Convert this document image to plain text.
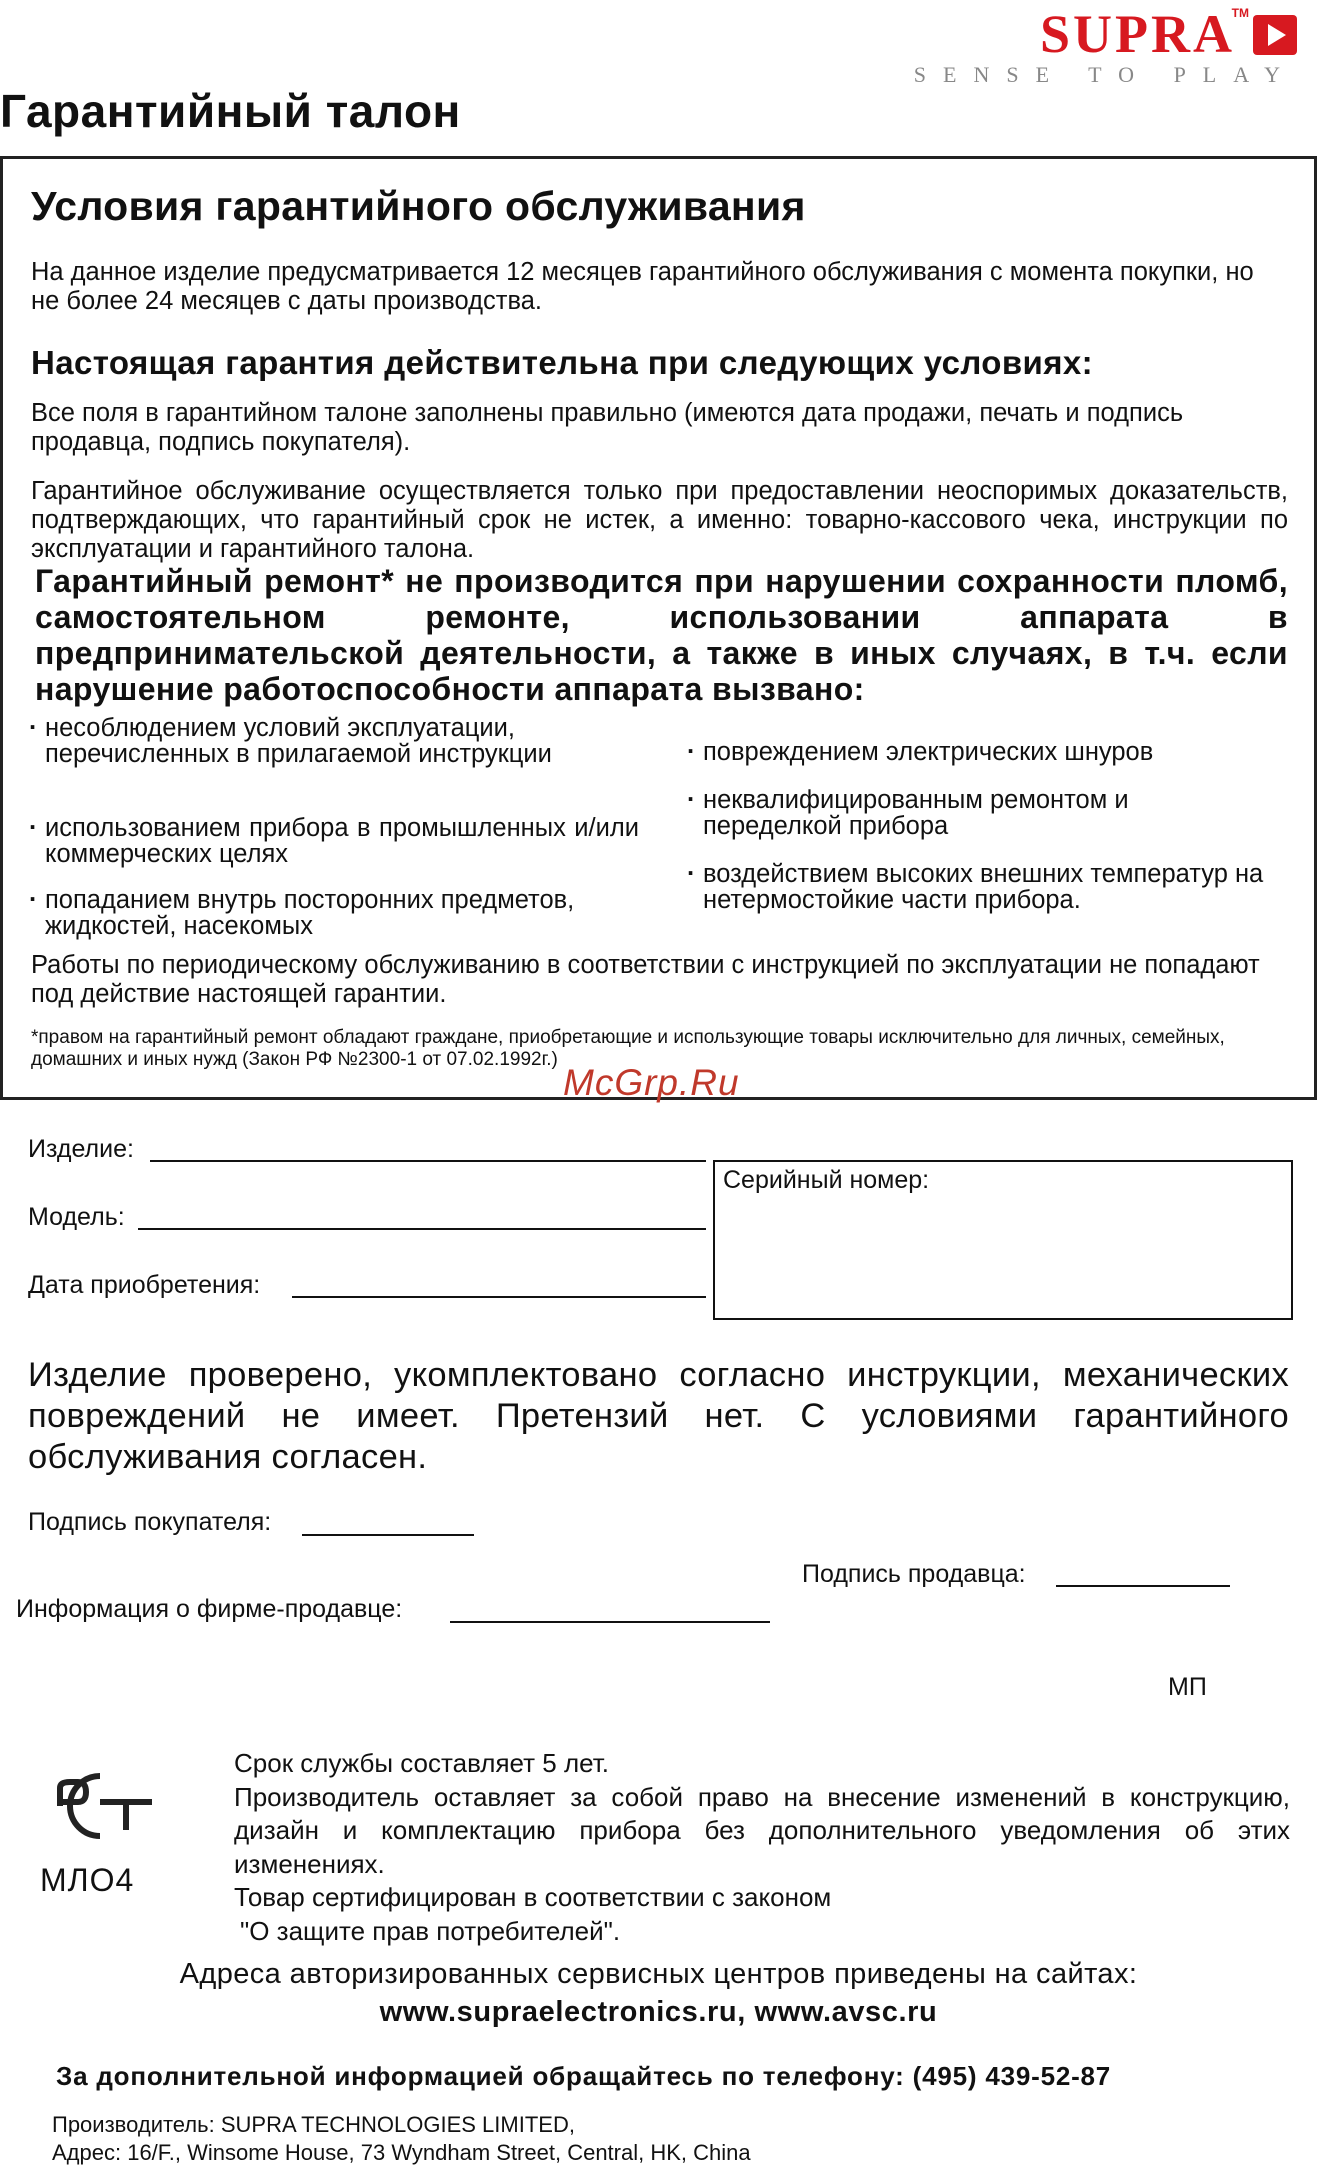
SUPRA
TM
SENSE TO PLAY
Гарантийный талон
Условия гарантийного обслуживания
На данное изделие предусматривается 12 месяцев гарантийного обслуживания с момента покупки, но не более 24 месяцев с даты производства.
Настоящая гарантия действительна при следующих условиях:
Все поля в гарантийном талоне заполнены правильно (имеются дата продажи, печать и подпись продавца, подпись покупателя).
Гарантийное обслуживание осуществляется только при предоставлении неоспоримых доказательств, подтверждающих, что гарантийный срок не истек, а именно: товарно-кассового чека, инструкции по эксплуатации и гарантийного талона.
Гарантийный ремонт* не производится при нарушении сохранности пломб, самостоятельном ремонте, использовании аппарата в предпринимательской деятельности, а также в иных случаях, в т.ч. если нарушение работоспособности аппарата вызвано:
· несоблюдением условий эксплуатации, перечисленных в прилагаемой инструкции
· использованием прибора в промышленных и/или коммерческих целях
· попаданием внутрь посторонних предметов, жидкостей, насекомых
· повреждением электрических шнуров
· неквалифицированным ремонтом и переделкой прибора
· воздействием высоких внешних температур на нетермостойкие части прибора.
Работы по периодическому обслуживанию в соответствии с инструкцией по эксплуатации не попадают под действие настоящей гарантии.
*правом на гарантийный ремонт обладают граждане, приобретающие и использующие товары исключительно для личных, семейных, домашних и иных нужд (Закон РФ №2300-1 от 07.02.1992г.)
McGrp.Ru
Изделие:
Модель:
Дата приобретения:
Серийный номер:
Изделие проверено, укомплектовано согласно инструкции, механических повреждений не имеет. Претензий нет. С условиями гарантийного обслуживания согласен.
Подпись покупателя:
Подпись продавца:
Информация о фирме-продавце:
МП
МЛО4
Срок службы составляет 5 лет.
Производитель оставляет за собой право на внесение изменений в конструкцию, дизайн и комплектацию прибора без дополнительного уведомления об этих изменениях.
Товар сертифицирован в соответствии с законом
"О защите прав потребителей".
Адреса авторизированных сервисных центров приведены на сайтах:
www.supraelectronics.ru, www.avsc.ru
За дополнительной информацией обращайтесь по телефону: (495) 439-52-87
Производитель: SUPRA TECHNOLOGIES LIMITED,
Адрес: 16/F., Winsome House, 73 Wyndham Street, Central, HK, China
